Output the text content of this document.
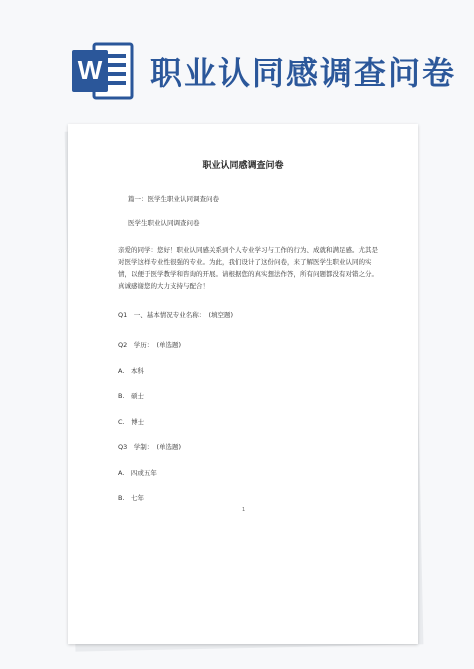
W 职业认同感调查问卷
职业认同感调查问卷
篇一：医学生职业认同调查问卷
医学生职业认同调查问卷
亲爱的同学：您好！职业认同感关系到个人专业学习与工作的行为、成就和满足感。尤其是对医学这样专业性很强的专业。为此，我们设计了这份问卷，来了解医学生职业认同的实情，以便于医学教学和咨询的开展。请根据您的真实想法作答，所有问题都没有对错之分。真诚感谢您的大力支持与配合！
Q1　一、基本情况专业名称：　(填空题)
Q2　学历：　(单选题)
A.　本科
B.　硕士
C.　博士
Q3　学制：　(单选题)
A.　四或五年
B.　七年
1
